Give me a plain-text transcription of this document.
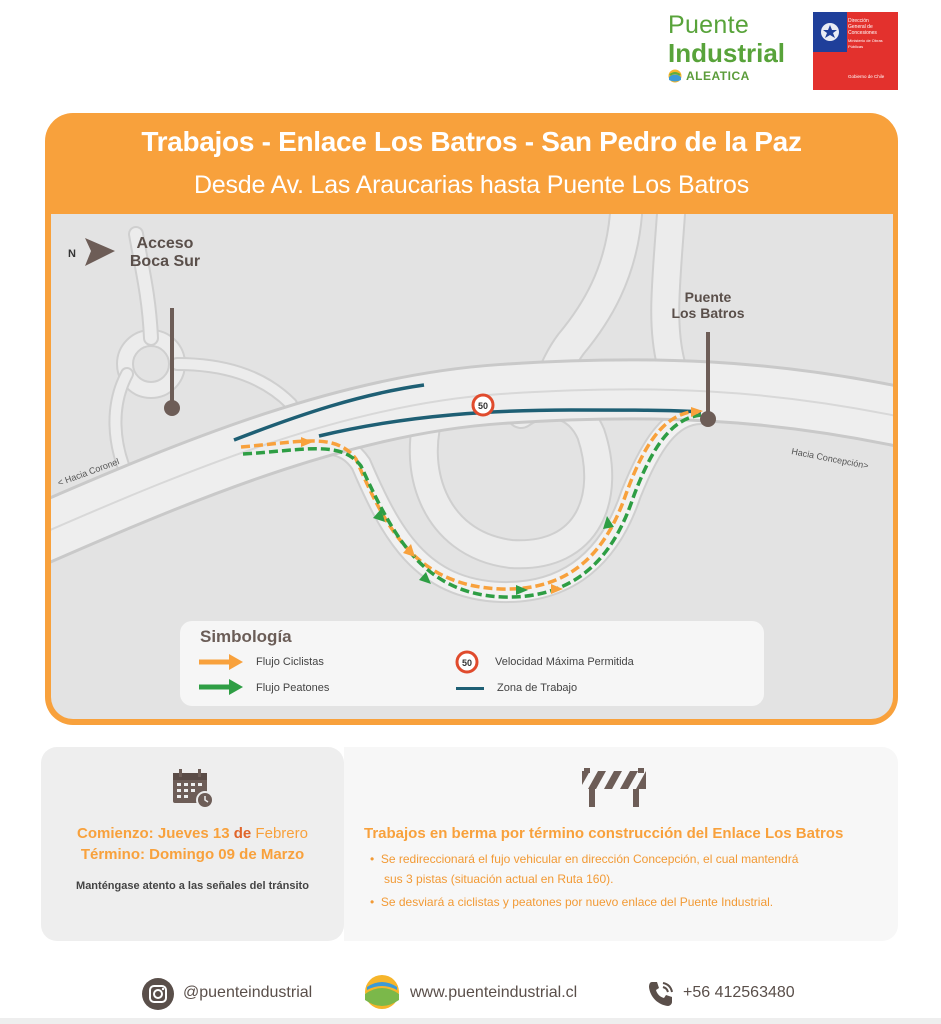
Puente
Industrial
ALEATICA
Dirección
General de
Concesiones
Ministerio de Obras Públicas
Gobierno de Chile
Trabajos - Enlace Los Batros - San Pedro de la Paz
Desde Av. Las Araucarias hasta Puente Los Batros
50
N
< Hacia Coronel	Hacia Concepción>
Acceso
Boca Sur
Puente
Los Batros
Simbología
Flujo Ciclistas
Flujo Peatones
50 Velocidad Máxima Permitida
Zona de Trabajo
Comienzo: Jueves 13 de Febrero
Término: Domingo 09 de Marzo
Manténgase atento a las señales del tránsito
Trabajos en berma por término construcción del Enlace Los Batros
•  Se redireccionará el fujo vehicular en dirección Concepción, el cual mantendrá
sus 3 pistas (situación actual en Ruta 160).
•  Se desviará a ciclistas y peatones por nuevo enlace del Puente Industrial.
@puenteindustrial	www.puenteindustrial.cl	+56 412563480
